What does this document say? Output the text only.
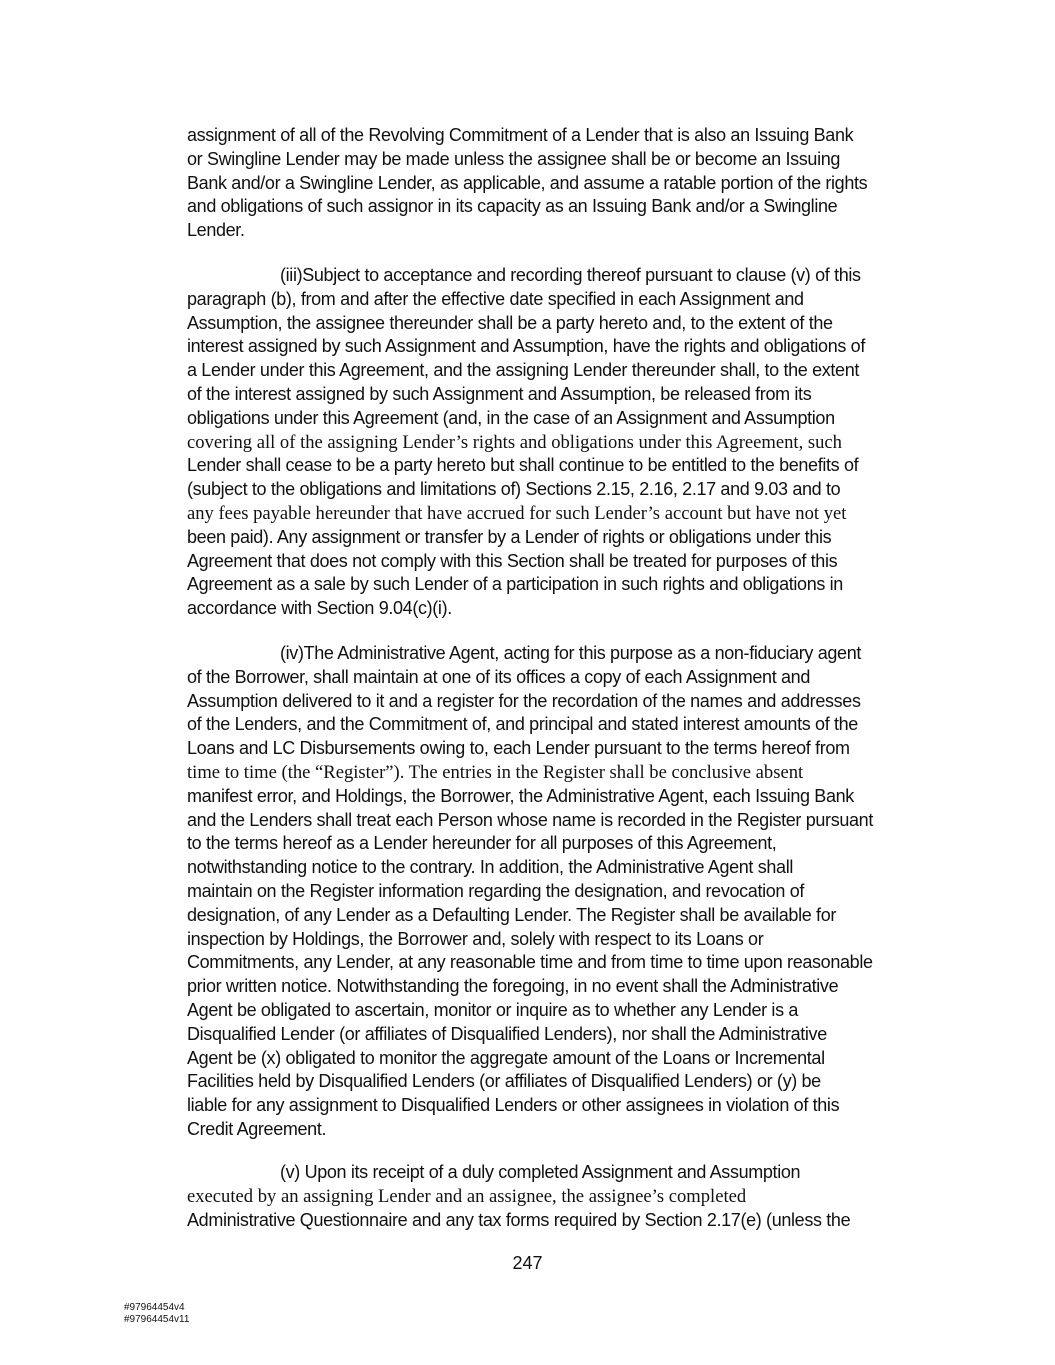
assignment of all of the Revolving Commitment of a Lender that is also an Issuing Bank
or Swingline Lender may be made unless the assignee shall be or become an Issuing
Bank and/or a Swingline Lender, as applicable, and assume a ratable portion of the rights
and obligations of such assignor in its capacity as an Issuing Bank and/or a Swingline
Lender.
(iii)Subject to acceptance and recording thereof pursuant to clause (v) of this
paragraph (b), from and after the effective date specified in each Assignment and
Assumption, the assignee thereunder shall be a party hereto and, to the extent of the
interest assigned by such Assignment and Assumption, have the rights and obligations of
a Lender under this Agreement, and the assigning Lender thereunder shall, to the extent
of the interest assigned by such Assignment and Assumption, be released from its
obligations under this Agreement (and, in the case of an Assignment and Assumption
covering all of the assigning Lender’s rights and obligations under this Agreement, such
Lender shall cease to be a party hereto but shall continue to be entitled to the benefits of
(subject to the obligations and limitations of) Sections 2.15, 2.16, 2.17 and 9.03 and to
any fees payable hereunder that have accrued for such Lender’s account but have not yet
been paid). Any assignment or transfer by a Lender of rights or obligations under this
Agreement that does not comply with this Section shall be treated for purposes of this
Agreement as a sale by such Lender of a participation in such rights and obligations in
accordance with Section 9.04(c)(i).
(iv)The Administrative Agent, acting for this purpose as a non-fiduciary agent
of the Borrower, shall maintain at one of its offices a copy of each Assignment and
Assumption delivered to it and a register for the recordation of the names and addresses
of the Lenders, and the Commitment of, and principal and stated interest amounts of the
Loans and LC Disbursements owing to, each Lender pursuant to the terms hereof from
time to time (the “Register”). The entries in the Register shall be conclusive absent
manifest error, and Holdings, the Borrower, the Administrative Agent, each Issuing Bank
and the Lenders shall treat each Person whose name is recorded in the Register pursuant
to the terms hereof as a Lender hereunder for all purposes of this Agreement,
notwithstanding notice to the contrary. In addition, the Administrative Agent shall
maintain on the Register information regarding the designation, and revocation of
designation, of any Lender as a Defaulting Lender. The Register shall be available for
inspection by Holdings, the Borrower and, solely with respect to its Loans or
Commitments, any Lender, at any reasonable time and from time to time upon reasonable
prior written notice. Notwithstanding the foregoing, in no event shall the Administrative
Agent be obligated to ascertain, monitor or inquire as to whether any Lender is a
Disqualified Lender (or affiliates of Disqualified Lenders), nor shall the Administrative
Agent be (x) obligated to monitor the aggregate amount of the Loans or Incremental
Facilities held by Disqualified Lenders (or affiliates of Disqualified Lenders) or (y) be
liable for any assignment to Disqualified Lenders or other assignees in violation of this
Credit Agreement.
(v) Upon its receipt of a duly completed Assignment and Assumption
executed by an assigning Lender and an assignee, the assignee’s completed
Administrative Questionnaire and any tax forms required by Section 2.17(e) (unless the
247
#97964454v4
#97964454v11
